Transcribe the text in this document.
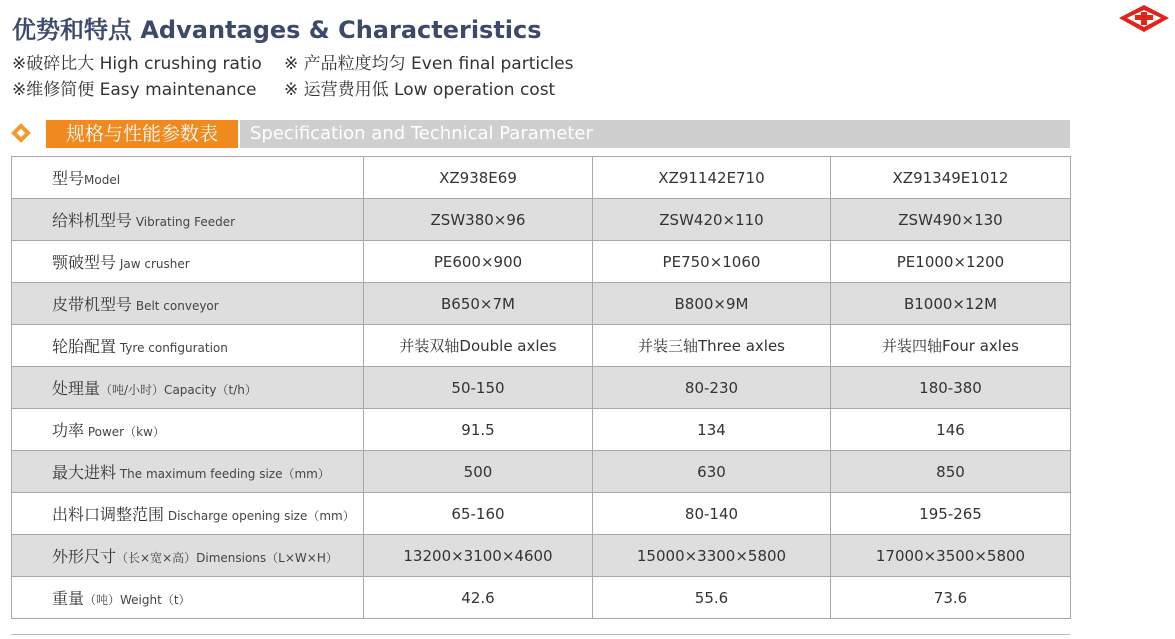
优势和特点 Advantages & Characteristics
※破碎比大 High crushing ratio ※ 产品粒度均匀 Even final particles
※维修简便 Easy maintenance ※ 运营费用低 Low operation cost
规格与性能参数表	Specification and Technical Parameter
型号Model	XZ938E69	XZ91142E710	XZ91349E1012
给料机型号 Vibrating Feeder	ZSW380×96	ZSW420×110	ZSW490×130
颚破型号 Jaw crusher	PE600×900	PE750×1060	PE1000×1200
皮带机型号 Belt conveyor	B650×7M	B800×9M	B1000×12M
轮胎配置 Tyre configuration	并装双轴Double axles	并装三轴Three axles	并装四轴Four axles
处理量（吨/小时）Capacity（t/h）	50-150	80-230	180-380
功率 Power（kw）	91.5	134	146
最大进料 The maximum feeding size（mm）	500	630	850
出料口调整范围 Discharge opening size（mm）	65-160	80-140	195-265
外形尺寸（长×宽×高）Dimensions（L×W×H）	13200×3100×4600	15000×3300×5800	17000×3500×5800
重量（吨）Weight（t）	42.6	55.6	73.6
